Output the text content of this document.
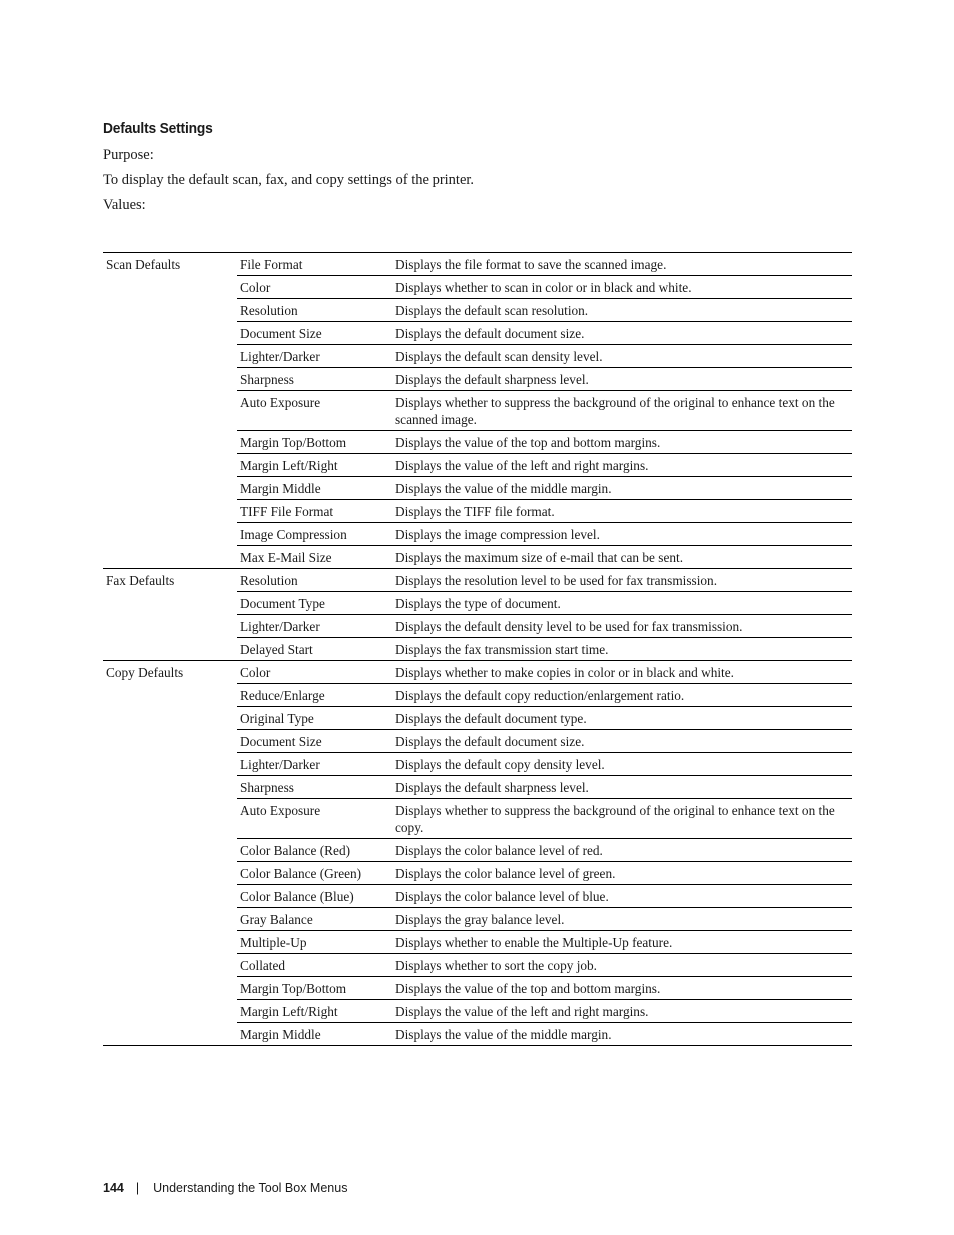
Defaults Settings
Purpose:
To display the default scan, fax, and copy settings of the printer.
Values:
Scan Defaults	File Format	Displays the file format to save the scanned image.
	Color	Displays whether to scan in color or in black and white.
	Resolution	Displays the default scan resolution.
	Document Size	Displays the default document size.
	Lighter/Darker	Displays the default scan density level.
	Sharpness	Displays the default sharpness level.
	Auto Exposure	Displays whether to suppress the background of the original to enhance text on the scanned image.
	Margin Top/Bottom	Displays the value of the top and bottom margins.
	Margin Left/Right	Displays the value of the left and right margins.
	Margin Middle	Displays the value of the middle margin.
	TIFF File Format	Displays the TIFF file format.
	Image Compression	Displays the image compression level.
	Max E-Mail Size	Displays the maximum size of e-mail that can be sent.
Fax Defaults	Resolution	Displays the resolution level to be used for fax transmission.
	Document Type	Displays the type of document.
	Lighter/Darker	Displays the default density level to be used for fax transmission.
	Delayed Start	Displays the fax transmission start time.
Copy Defaults	Color	Displays whether to make copies in color or in black and white.
	Reduce/Enlarge	Displays the default copy reduction/enlargement ratio.
	Original Type	Displays the default document type.
	Document Size	Displays the default document size.
	Lighter/Darker	Displays the default copy density level.
	Sharpness	Displays the default sharpness level.
	Auto Exposure	Displays whether to suppress the background of the original to enhance text on the copy.
	Color Balance (Red)	Displays the color balance level of red.
	Color Balance (Green)	Displays the color balance level of green.
	Color Balance (Blue)	Displays the color balance level of blue.
	Gray Balance	Displays the gray balance level.
	Multiple-Up	Displays whether to enable the Multiple-Up feature.
	Collated	Displays whether to sort the copy job.
	Margin Top/Bottom	Displays the value of the top and bottom margins.
	Margin Left/Right	Displays the value of the left and right margins.
	Margin Middle	Displays the value of the middle margin.
144 | Understanding the Tool Box Menus
